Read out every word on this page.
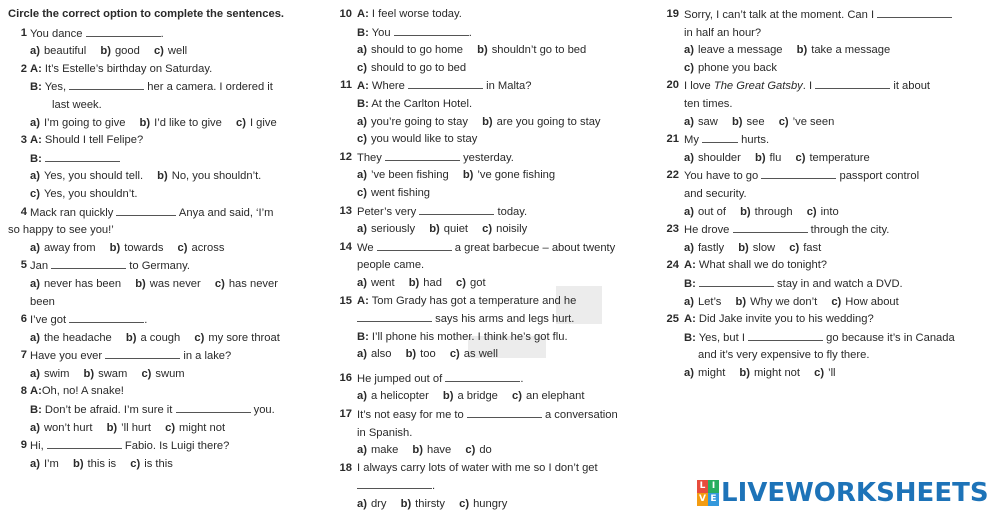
Circle the correct option to complete the sentences.
1 You dance	.
a) beautiful b) good c) well
2 A: It’s Estelle’s birthday on Saturday.
B: Yes,	her a camera. I ordered it
last week.
a) I’m going to give b) I’d like to give c) I give
3 A: Should I tell Felipe?
B:
a) Yes, you should tell. b) No, you shouldn’t.
c) Yes, you shouldn’t.
4 Mack ran quickly	Anya and said, ‘I’m
so happy to see you!’
a) away from b) towards c) across
5 Jan	to Germany.
a) never has been b) was never c) has never
been
6 I’ve got	.
a) the headache b) a cough c) my sore throat
7 Have you ever	in a lake?
a) swim b) swam c) swum
8 A:Oh, no! A snake!
B: Don’t be afraid. I’m sure it	you.
a) won’t hurt b) ’ll hurt c) might not
9 Hi,	Fabio. Is Luigi there?
a) I’m b) this is c) is this
10 A: I feel worse today.
B: You	.
a) should to go home b) shouldn’t go to bed
c) should to go to bed
11 A: Where	in Malta?
B: At the Carlton Hotel.
a) you’re going to stay b) are you going to stay
c) you would like to stay
12 They	yesterday.
a) ’ve been fishing b) ’ve gone fishing
c) went fishing
13 Peter’s very	today.
a) seriously b) quiet c) noisily
14 We	a great barbecue – about twenty
people came.
a) went b) had c) got
15 A: Tom Grady has got a temperature and he
says his arms and legs hurt.
B: I’ll phone his mother. I think he’s got flu.
a) also b) too c) as well
16 He jumped out of	.
a) a helicopter b) a bridge c) an elephant
17 It’s not easy for me to	a conversation
in Spanish.
a) make b) have c) do
18 I always carry lots of water with me so I don’t get
.
a) dry b) thirsty c) hungry
19 Sorry, I can’t talk at the moment. Can I
in half an hour?
a) leave a message b) take a message
c) phone you back
20 I love The Great Gatsby. I	it about
ten times.
a) saw b) see c) ’ve seen
21 My	hurts.
a) shoulder b) flu c) temperature
22 You have to go	passport control
and security.
a) out of b) through c) into
23 He drove	through the city.
a) fastly b) slow c) fast
24 A: What shall we do tonight?
B:	stay in and watch a DVD.
a) Let’s b) Why we don’t c) How about
25 A: Did Jake invite you to his wedding?
B: Yes, but I	go because it’s in Canada
and it’s very expensive to fly there.
a) might b) might not c) ’ll
L I
V E LIVEWORKSHEETS
